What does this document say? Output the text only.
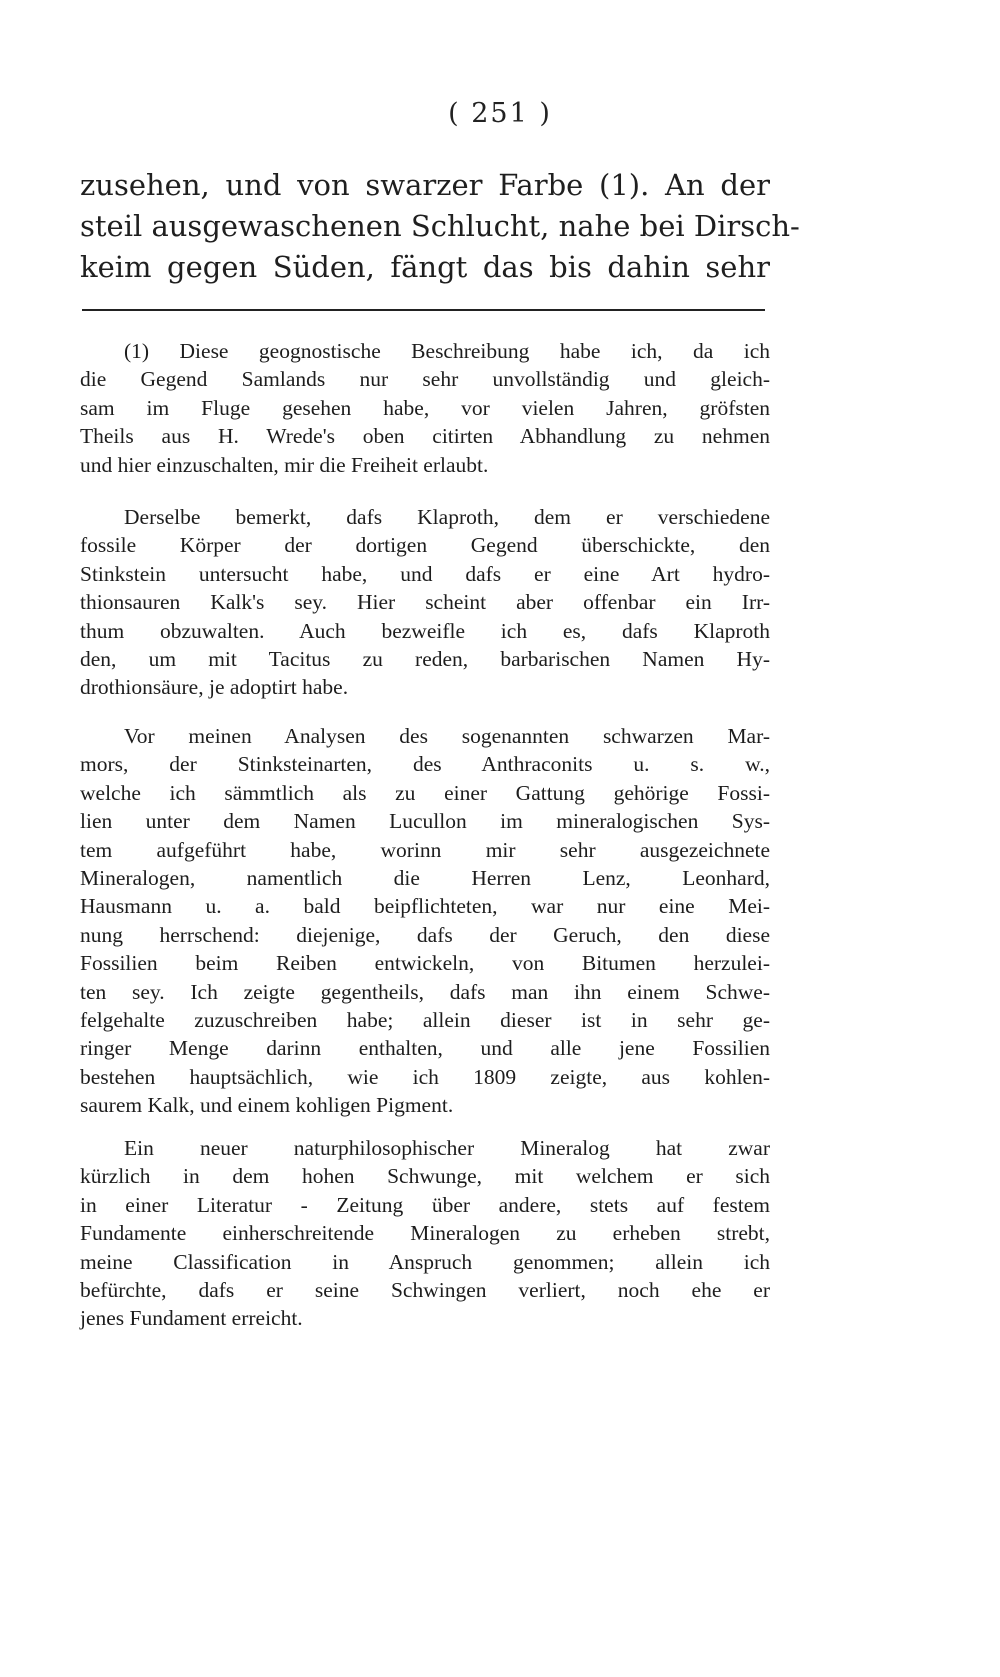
( 251 )
zusehen, und von swarzer Farbe (1). An der
steil ausgewaschenen Schlucht, nahe bei Dirsch-
keim gegen Süden, fängt das bis dahin sehr
(1) Diese geognostische Beschreibung habe ich, da ich
die Gegend Samlands nur sehr unvollständig und gleich-
sam im Fluge gesehen habe, vor vielen Jahren, gröfsten
Theils aus H. Wrede's oben citirten Abhandlung zu nehmen
und hier einzuschalten, mir die Freiheit erlaubt.
Derselbe bemerkt, dafs Klaproth, dem er verschiedene
fossile Körper der dortigen Gegend überschickte, den
Stinkstein untersucht habe, und dafs er eine Art hydro-
thionsauren Kalk's sey. Hier scheint aber offenbar ein Irr-
thum obzuwalten. Auch bezweifle ich es, dafs Klaproth
den, um mit Tacitus zu reden, barbarischen Namen Hy-
drothionsäure, je adoptirt habe.
Vor meinen Analysen des sogenannten schwarzen Mar-
mors, der Stinksteinarten, des Anthraconits u. s. w.,
welche ich sämmtlich als zu einer Gattung gehörige Fossi-
lien unter dem Namen Lucullon im mineralogischen Sys-
tem aufgeführt habe, worinn mir sehr ausgezeichnete
Mineralogen, namentlich die Herren Lenz, Leonhard,
Hausmann u. a. bald beipflichteten, war nur eine Mei-
nung herrschend: diejenige, dafs der Geruch, den diese
Fossilien beim Reiben entwickeln, von Bitumen herzulei-
ten sey. Ich zeigte gegentheils, dafs man ihn einem Schwe-
felgehalte zuzuschreiben habe; allein dieser ist in sehr ge-
ringer Menge darinn enthalten, und alle jene Fossilien
bestehen hauptsächlich, wie ich 1809 zeigte, aus kohlen-
saurem Kalk, und einem kohligen Pigment.
Ein neuer naturphilosophischer Mineralog hat zwar
kürzlich in dem hohen Schwunge, mit welchem er sich
in einer Literatur - Zeitung über andere, stets auf festem
Fundamente einherschreitende Mineralogen zu erheben strebt,
meine Classification in Anspruch genommen; allein ich
befürchte, dafs er seine Schwingen verliert, noch ehe er
jenes Fundament erreicht.
